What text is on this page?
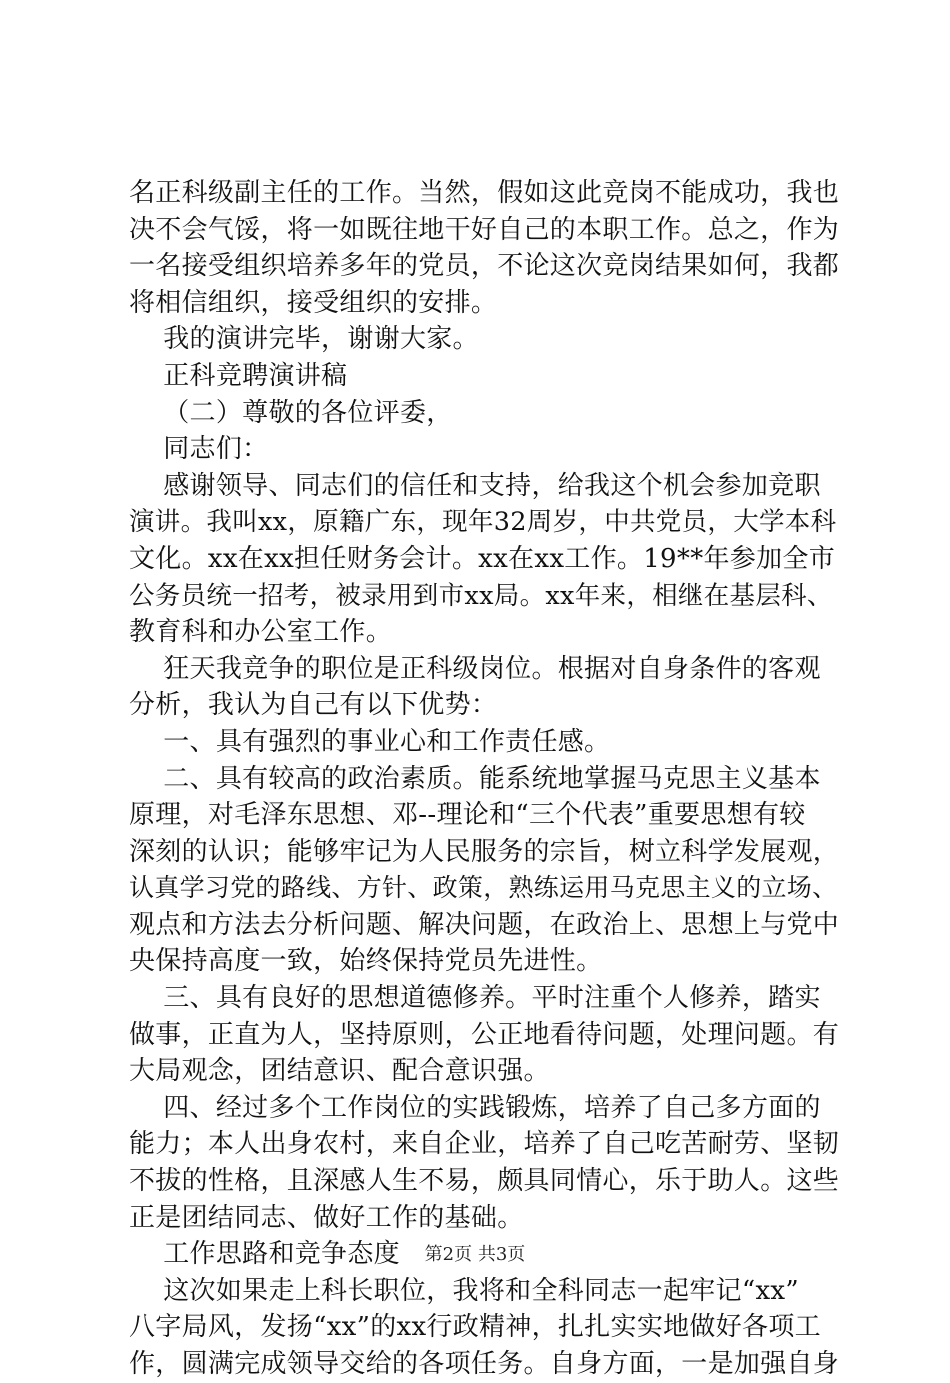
名正科级副主任的工作。当然，假如这此竞岗不能成功，我也
决不会气馁，将一如既往地干好自己的本职工作。总之，作为
一名接受组织培养多年的党员，不论这次竞岗结果如何，我都
将相信组织，接受组织的安排。
我的演讲完毕，谢谢大家。
正科竞聘演讲稿
（二）尊敬的各位评委，
同志们：
感谢领导、同志们的信任和支持，给我这个机会参加竞职
演讲。我叫xx，原籍广东，现年32周岁，中共党员，大学本科
文化。xx在xx担任财务会计。xx在xx工作。19**年参加全市
公务员统一招考，被录用到市xx局。xx年来，相继在基层科、
教育科和办公室工作。
狂天我竞争的职位是正科级岗位。根据对自身条件的客观
分析，我认为自己有以下优势：
一、具有强烈的事业心和工作责任感。
二、具有较高的政治素质。能系统地掌握马克思主义基本
原理，对毛泽东思想、邓--理论和“三个代表”重要思想有较
深刻的认识；能够牢记为人民服务的宗旨，树立科学发展观，
认真学习党的路线、方针、政策，熟练运用马克思主义的立场、
观点和方法去分析问题、解决问题，在政治上、思想上与党中
央保持高度一致，始终保持党员先进性。
三、具有良好的思想道德修养。平时注重个人修养，踏实
做事，正直为人，坚持原则，公正地看待问题，处理问题。有
大局观念，团结意识、配合意识强。
四、经过多个工作岗位的实践锻炼，培养了自己多方面的
能力；本人出身农村，来自企业，培养了自己吃苦耐劳、坚韧
不拔的性格，且深感人生不易，颇具同情心，乐于助人。这些
正是团结同志、做好工作的基础。
工作思路和竞争态度
这次如果走上科长职位，我将和全科同志一起牢记“xx”
八字局风，发扬“xx”的xx行政精神，扎扎实实地做好各项工
作，圆满完成领导交给的各项任务。自身方面，一是加强自身
第2页 共3页
